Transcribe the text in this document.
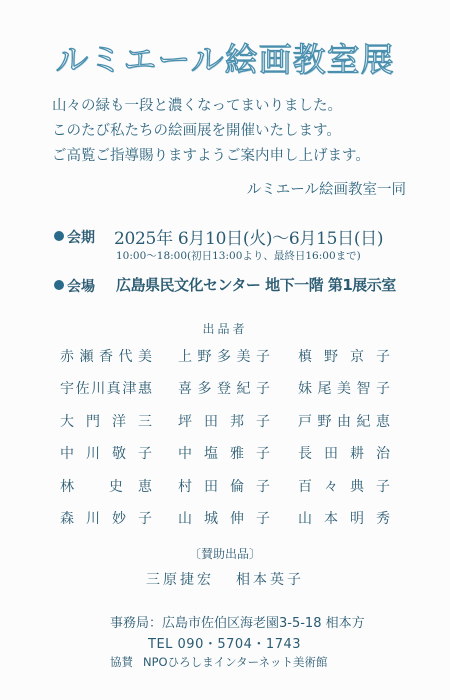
ルミエール絵画教室展
山々の緑も一段と濃くなってまいりました。
このたび私たちの絵画展を開催いたします。
ご高覧ご指導賜りますようご案内申し上げます。
ルミエール絵画教室一同
会期 2025年 6月10日(火)〜6月15日(日)
10:00〜18:00(初日13:00より、最終日16:00まで)
会場 広島県民文化センター 地下一階 第1展示室
出品者
赤瀬香代美 上野多美子 槙野京子
宇佐川真津惠 喜多登紀子 妹尾美智子
大門洋三 坪田邦子 戸野由紀恵
中川敬子 中塩雅子 長田耕治
林 史恵 村田倫子 百々典子
森川妙子 山城伸子 山本明秀
〔賛助出品〕
三原捷宏 相本英子
事務局：広島市佐伯区海老園3-5-18 相本方
TEL 090・5704・1743
協賛 NPOひろしまインターネット美術館
